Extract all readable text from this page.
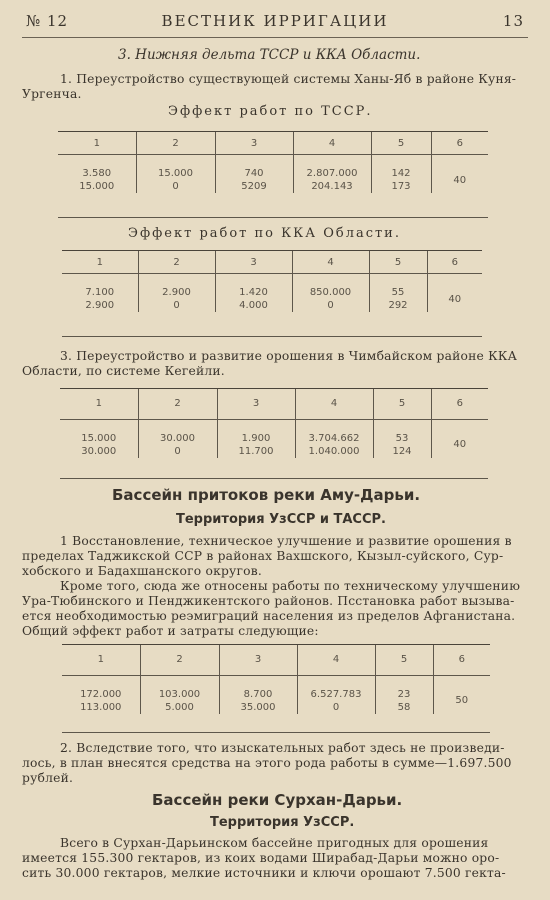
№ 12	ВЕСТНИК ИРРИГАЦИИ	13
3. Нижняя дельта ТССР и ККА Области.
1. Переустройство существующей системы Ханы-Яб в районе Куня-
Ургенча.
Эффект работ по ТССР.
1	2	3	4	5	6

3.580	15.000	740	2.807.000	142	40
15.000	0	5209	204.143	173	
Эффект работ по ККА Области.
1	2	3	4	5	6

7.100	2.900	1.420	850.000	55	40
2.900	0	4.000	0	292	
3. Переустройство и развитие орошения в Чимбайском районе ККА
Области, по системе Кегейли.
1	2	3	4	5	6

15.000	30.000	1.900	3.704.662	53	40
30.000	0	11.700	1.040.000	124	
Бассейн притоков реки Аму-Дарьи.
Территория УзССР и ТАССР.
1 Восстановление, техническое улучшение и развитие орошения в
пределах Таджикской ССР в районах Вахшского, Кызыл-суйского, Сур-
хобского и Бадахшанского округов.
Кроме того, сюда же относены работы по техническому улучшению
Ура-Тюбинского и Пенджикентского районов. Псстановка работ вызыва-
ется необходимостью реэмиграций населения из пределов Афганистана.
Общий эффект работ и затраты следующие:
1	2	3	4	5	6

172.000	103.000	8.700	6.527.783	23	50
113.000	5.000	35.000	0	58	
2. Вследствие того, что изыскательных работ здесь не произведи-
лось, в план внесятся средства на этого рода работы в сумме—1.697.500
рублей.
Бассейн реки Сурхан-Дарьи.
Территория УзССР.
Всего в Сурхан-Дарьинском бассейне пригодных для орошения
имеется 155.300 гектаров, из коих водами Ширабад-Дарьи можно оро-
сить 30.000 гектаров, мелкие источники и ключи орошают 7.500 гекта-
